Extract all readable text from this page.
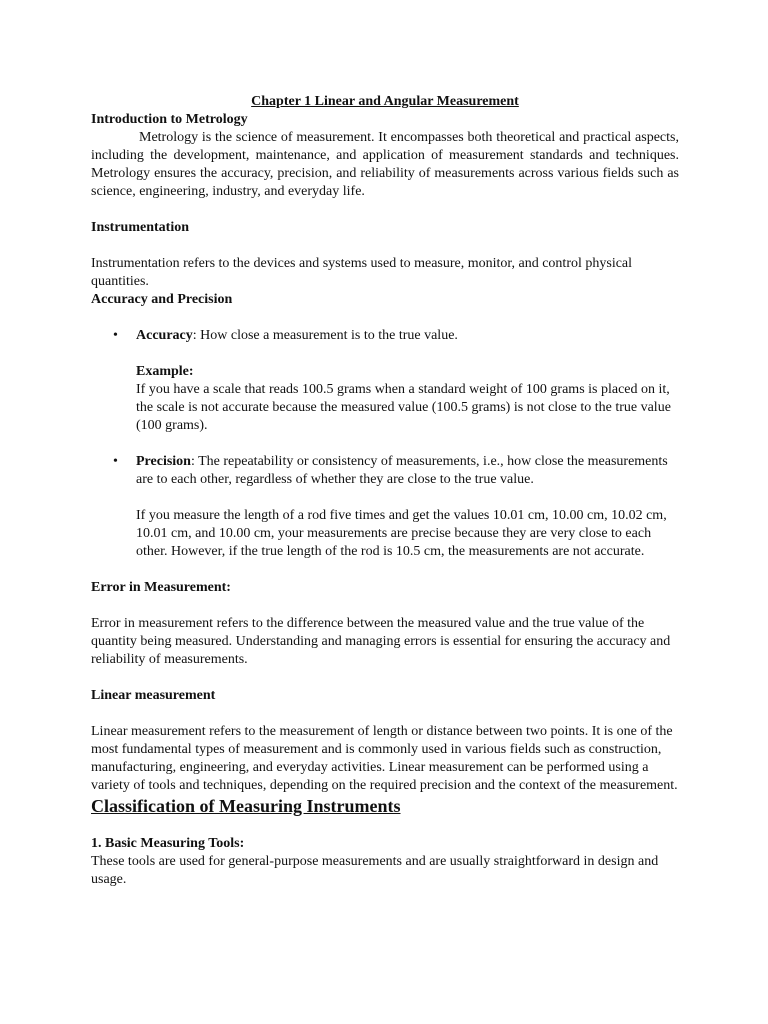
Chapter 1 Linear and Angular Measurement

Introduction to Metrology

Metrology is the science of measurement. It encompasses both theoretical and practical aspects, including the development, maintenance, and application of measurement standards and techniques. Metrology ensures the accuracy, precision, and reliability of measurements across various fields such as science, engineering, industry, and everyday life.

Instrumentation

Instrumentation refers to the devices and systems used to measure, monitor, and control physical quantities.

Accuracy and Precision

• Accuracy: How close a measurement is to the true value.

Example:

If you have a scale that reads 100.5 grams when a standard weight of 100 grams is placed on it, the scale is not accurate because the measured value (100.5 grams) is not close to the true value (100 grams).

• Precision: The repeatability or consistency of measurements, i.e., how close the measurements are to each other, regardless of whether they are close to the true value.

If you measure the length of a rod five times and get the values 10.01 cm, 10.00 cm, 10.02 cm, 10.01 cm, and 10.00 cm, your measurements are precise because they are very close to each other. However, if the true length of the rod is 10.5 cm, the measurements are not accurate.

Error in Measurement:

Error in measurement refers to the difference between the measured value and the true value of the quantity being measured. Understanding and managing errors is essential for ensuring the accuracy and reliability of measurements.

Linear measurement

Linear measurement refers to the measurement of length or distance between two points. It is one of the most fundamental types of measurement and is commonly used in various fields such as construction, manufacturing, engineering, and everyday activities. Linear measurement can be performed using a variety of tools and techniques, depending on the required precision and the context of the measurement.

Classification of Measuring Instruments

1. Basic Measuring Tools:

These tools are used for general-purpose measurements and are usually straightforward in design and usage.
